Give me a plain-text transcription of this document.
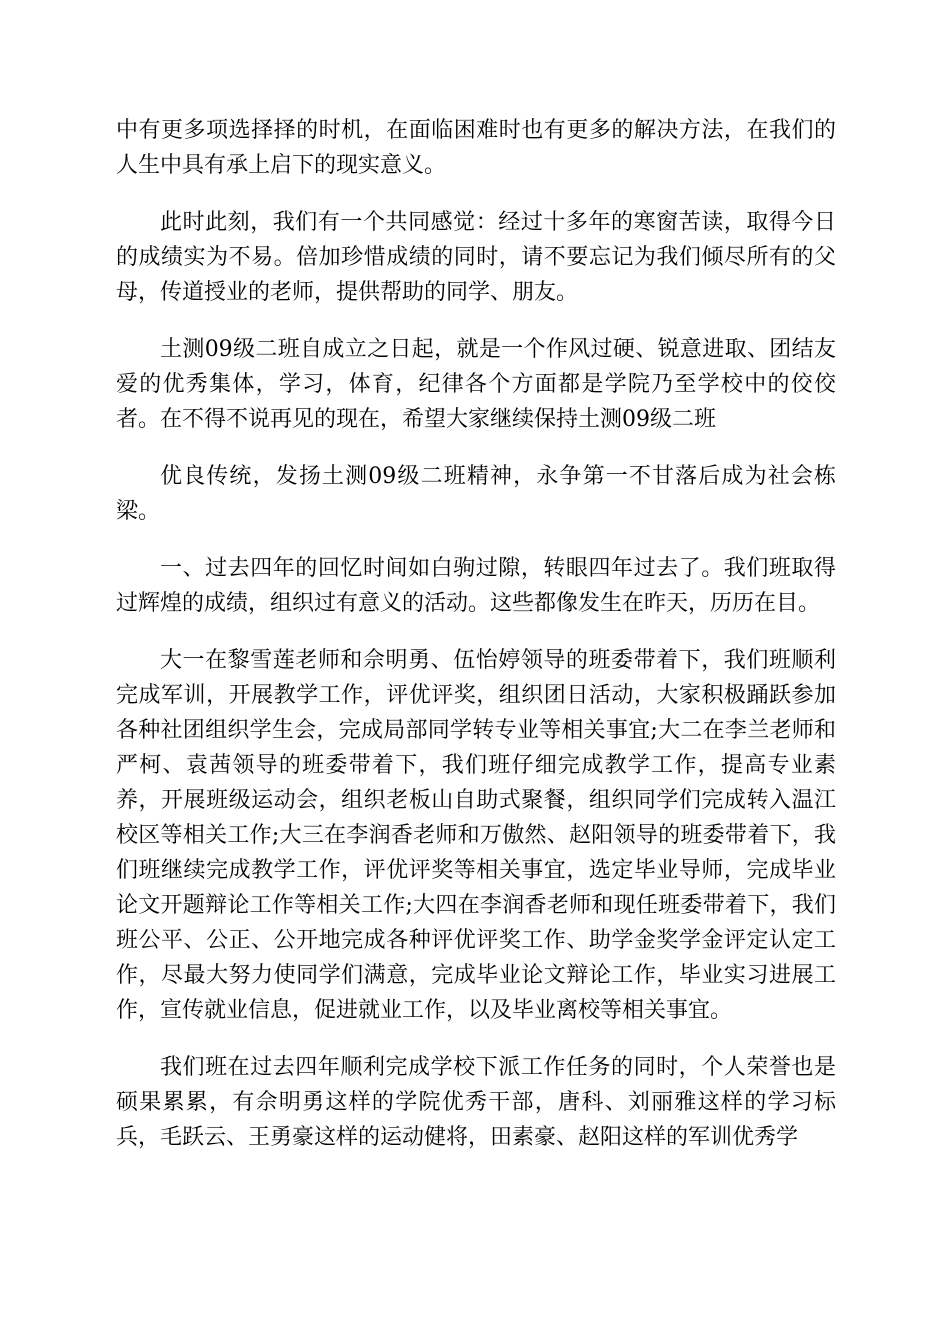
中有更多项选择择的时机，在面临困难时也有更多的解决方法，在我们的人生中具有承上启下的现实意义。

此时此刻，我们有一个共同感觉：经过十多年的寒窗苦读，取得今日的成绩实为不易。倍加珍惜成绩的同时，请不要忘记为我们倾尽所有的父母，传道授业的老师，提供帮助的同学、朋友。

土测09级二班自成立之日起，就是一个作风过硬、锐意进取、团结友爱的优秀集体，学习，体育，纪律各个方面都是学院乃至学校中的佼佼者。在不得不说再见的现在，希望大家继续保持土测09级二班

优良传统，发扬土测09级二班精神，永争第一不甘落后成为社会栋梁。

一、过去四年的回忆时间如白驹过隙，转眼四年过去了。我们班取得过辉煌的成绩，组织过有意义的活动。这些都像发生在昨天，历历在目。

大一在黎雪莲老师和佘明勇、伍怡婷领导的班委带着下，我们班顺利完成军训，开展教学工作，评优评奖，组织团日活动，大家积极踊跃参加各种社团组织学生会，完成局部同学转专业等相关事宜;大二在李兰老师和严柯、袁茜领导的班委带着下，我们班仔细完成教学工作，提高专业素养，开展班级运动会，组织老板山自助式聚餐，组织同学们完成转入温江校区等相关工作;大三在李润香老师和万傲然、赵阳领导的班委带着下，我们班继续完成教学工作，评优评奖等相关事宜，选定毕业导师，完成毕业论文开题辩论工作等相关工作;大四在李润香老师和现任班委带着下，我们班公平、公正、公开地完成各种评优评奖工作、助学金奖学金评定认定工作，尽最大努力使同学们满意，完成毕业论文辩论工作，毕业实习进展工作，宣传就业信息，促进就业工作，以及毕业离校等相关事宜。

我们班在过去四年顺利完成学校下派工作任务的同时，个人荣誉也是硕果累累，有佘明勇这样的学院优秀干部，唐科、刘丽雅这样的学习标兵，毛跃云、王勇豪这样的运动健将，田素豪、赵阳这样的军训优秀学
